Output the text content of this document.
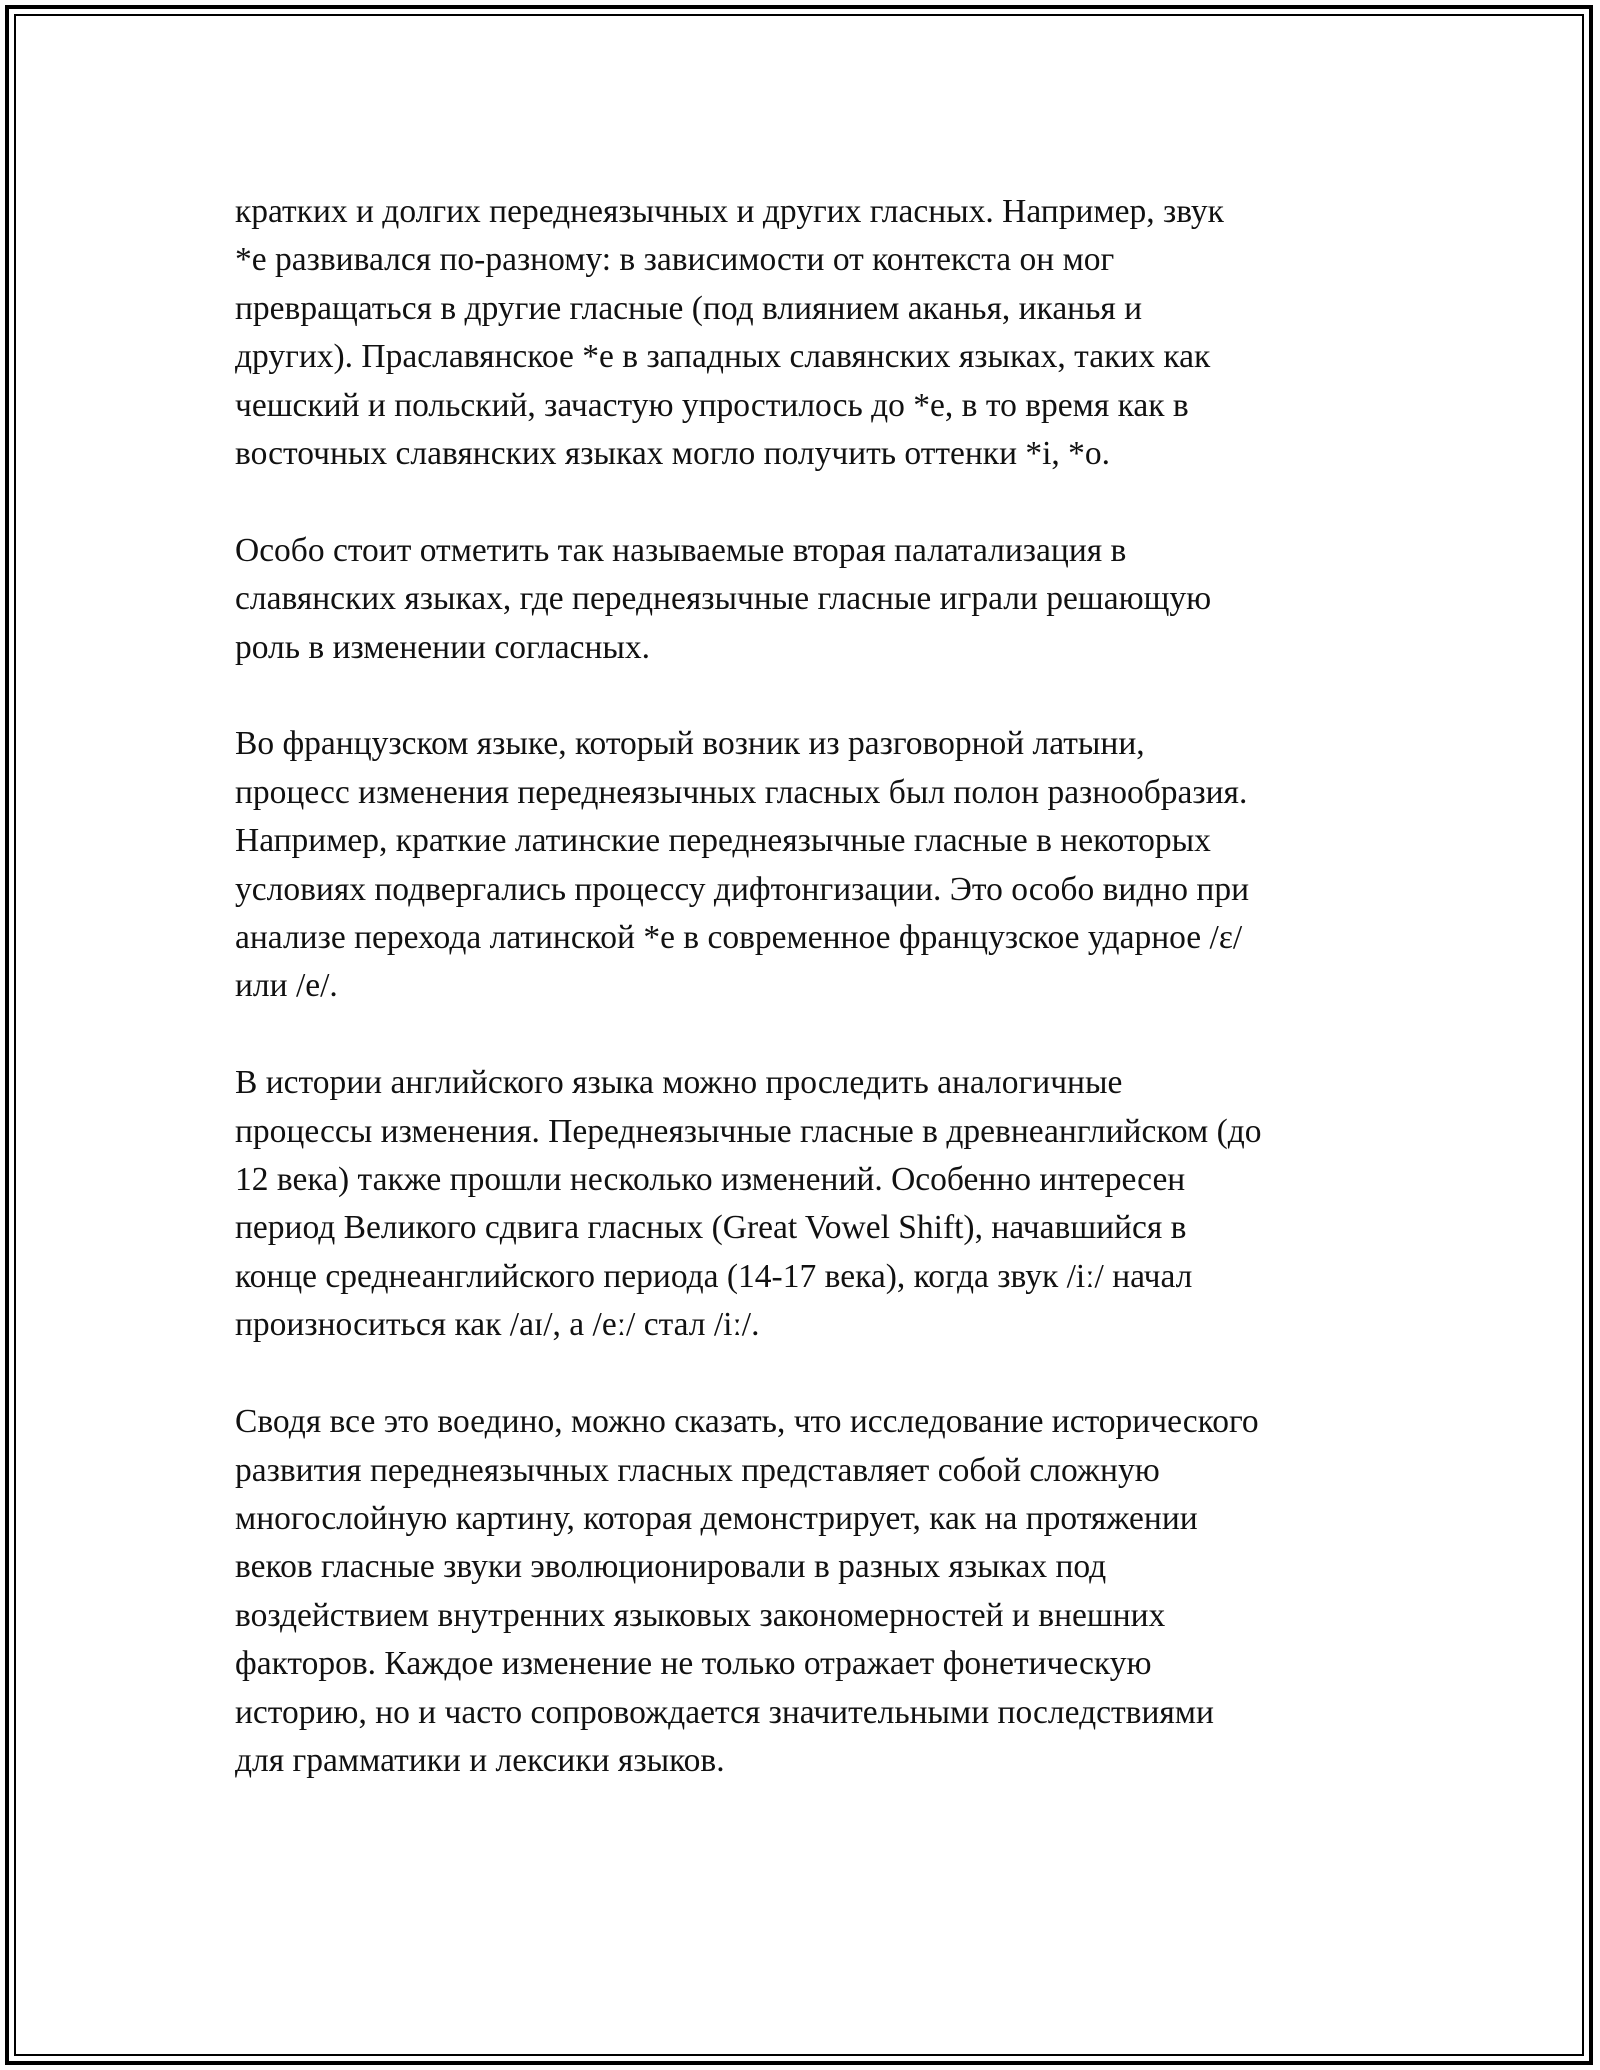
кратких и долгих переднеязычных и других гласных. Например, звук
*e развивался по-разному: в зависимости от контекста он мог
превращаться в другие гласные (под влиянием аканья, иканья и
других). Праславянское *e в западных славянских языках, таких как
чешский и польский, зачастую упростилось до *e, в то время как в
восточных славянских языках могло получить оттенки *i, *o.

Особо стоит отметить так называемые вторая палатализация в
славянских языках, где переднеязычные гласные играли решающую
роль в изменении согласных.

Во французском языке, который возник из разговорной латыни,
процесс изменения переднеязычных гласных был полон разнообразия.
Например, краткие латинские переднеязычные гласные в некоторых
условиях подвергались процессу дифтонгизации. Это особо видно при
анализе перехода латинской *e в современное французское ударное /ɛ/
или /e/.

В истории английского языка можно проследить аналогичные
процессы изменения. Переднеязычные гласные в древнеанглийском (до
12 века) также прошли несколько изменений. Особенно интересен
период Великого сдвига гласных (Great Vowel Shift), начавшийся в
конце среднеанглийского периода (14-17 века), когда звук /iː/ начал
произноситься как /aɪ/, а /eː/ стал /iː/.

Сводя все это воедино, можно сказать, что исследование исторического
развития переднеязычных гласных представляет собой сложную
многослойную картину, которая демонстрирует, как на протяжении
веков гласные звуки эволюционировали в разных языках под
воздействием внутренних языковых закономерностей и внешних
факторов. Каждое изменение не только отражает фонетическую
историю, но и часто сопровождается значительными последствиями
для грамматики и лексики языков.
